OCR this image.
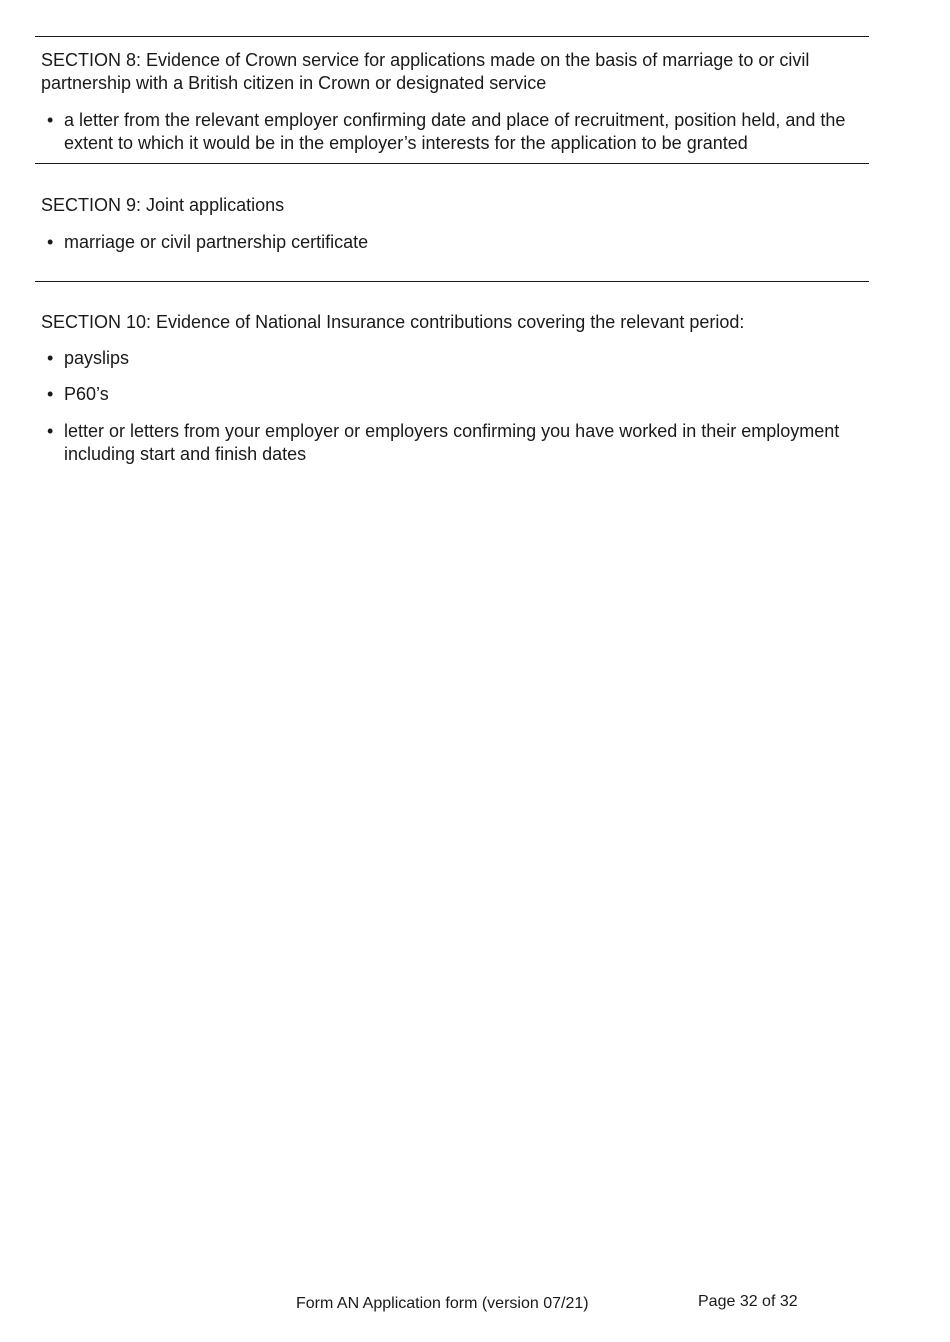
SECTION 8: Evidence of Crown service for applications made on the basis of marriage to or civil partnership with a British citizen in Crown or designated service

• a letter from the relevant employer confirming date and place of recruitment, position held, and the extent to which it would be in the employer’s interests for the application to be granted

SECTION 9: Joint applications

• marriage or civil partnership certificate

SECTION 10: Evidence of National Insurance contributions covering the relevant period:

• payslips
• P60’s
• letter or letters from your employer or employers confirming you have worked in their employment including start and finish dates
Form AN Application form (version 07/21)	Page 32 of 32
